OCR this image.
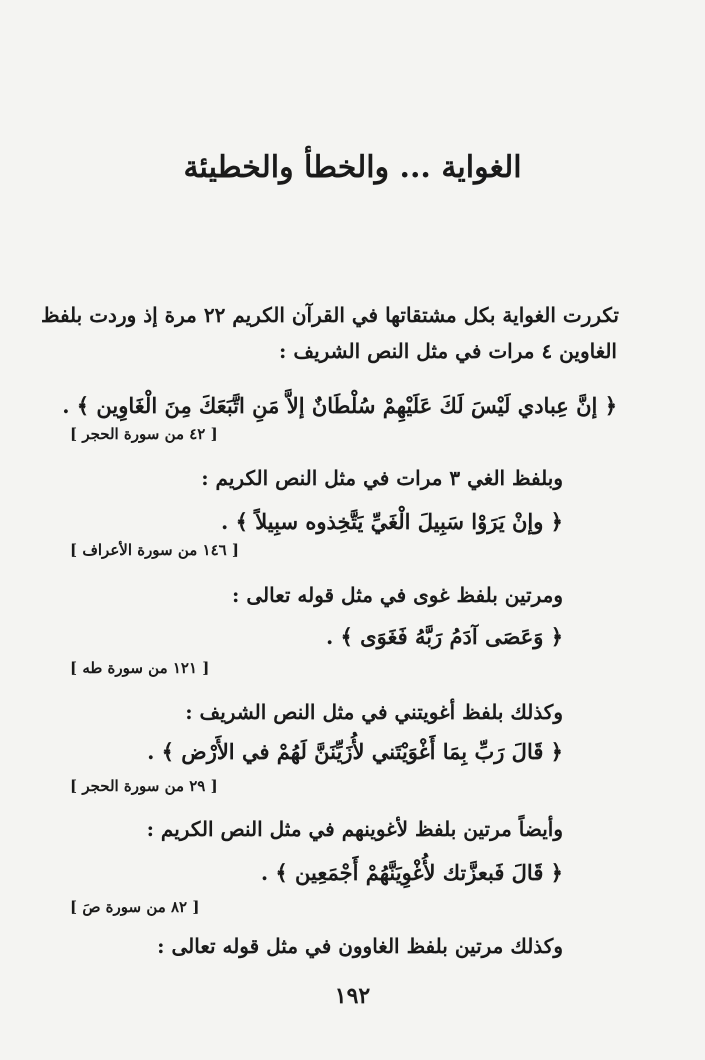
الغواية ... والخطأ والخطيئة

تكررت الغواية بكل مشتقاتها في القرآن الكريم ٢٢ مرة إذ وردت بلفظ

الغاوين ٤ مرات في مثل النص الشريف :

﴿ إنَّ عِبادي لَيْسَ لَكَ عَلَيْهِمْ سُلْطَانٌ إلاَّ مَنِ اتَّبَعَكَ مِنَ الْغَاوِين ﴾ .

[ ٤٢ من سورة الحجر ]

وبلفظ الغي ٣ مرات في مثل النص الكريم :

﴿ وإنْ يَرَوْا سَبِيلَ الْغَيِّ يَتَّخِذوه سبِيلاً ﴾ .

[ ١٤٦ من سورة الأعراف ]

ومرتين بلفظ غوى في مثل قوله تعالى :

﴿ وَعَصَى آدَمُ رَبَّهُ فَغَوَى ﴾ .

[ ١٢١ من سورة طه ]

وكذلك بلفظ أغويتني في مثل النص الشريف :

﴿ قَالَ رَبِّ بِمَا أَغْوَيْتَني لأُزَيِّنَنَّ لَهُمْ في الأَرْض ﴾ .

[ ٢٩ من سورة الحجر ]

وأيضاً مرتين بلفظ لأغوينهم في مثل النص الكريم :

﴿ قَالَ فَبعزَّتك لأُغْوِيَنَّهُمْ أَجْمَعِين ﴾ .

[ ٨٢ من سورة صَ ]

وكذلك مرتين بلفظ الغاوون في مثل قوله تعالى :

١٩٢
